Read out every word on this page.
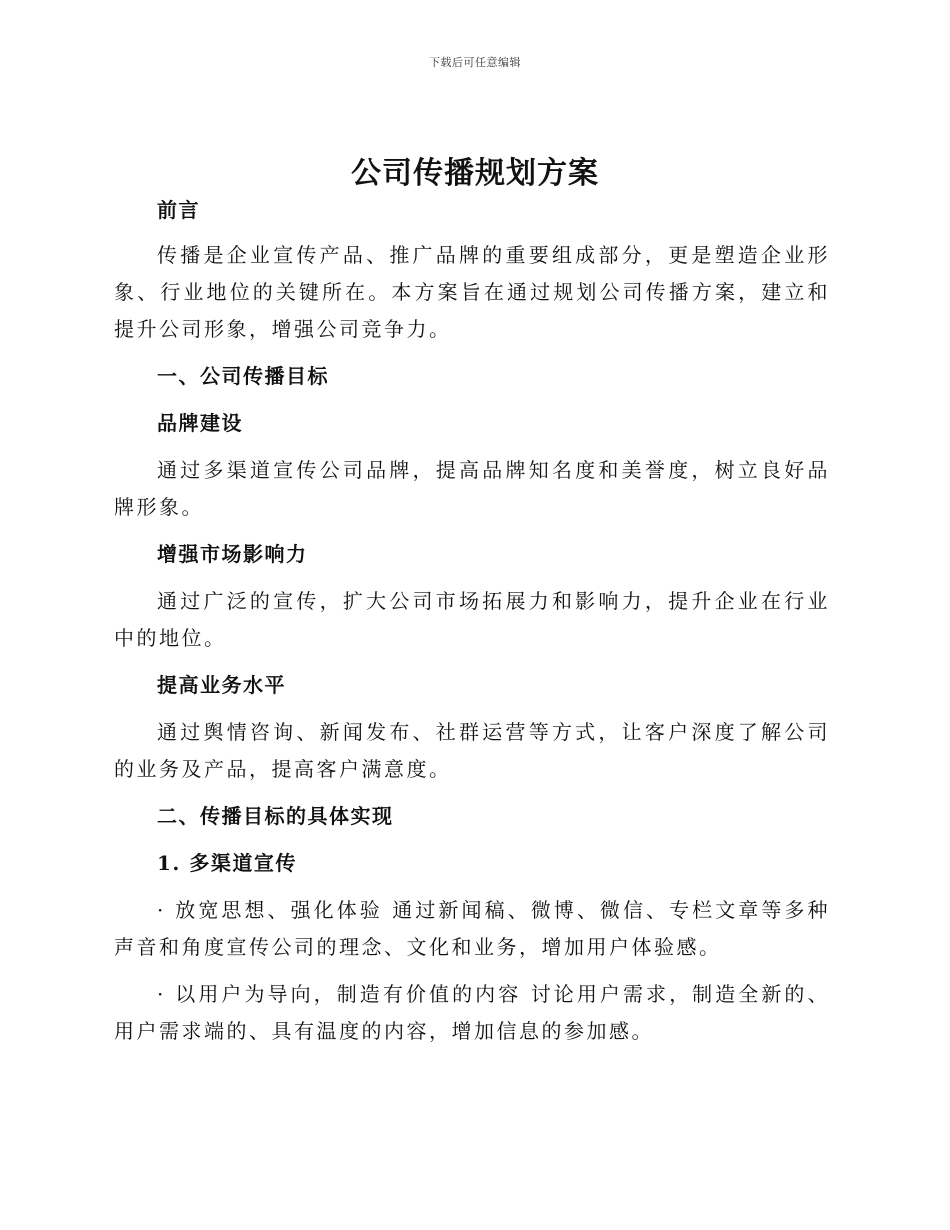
下载后可任意编辑
公司传播规划方案

前言

传播是企业宣传产品、推广品牌的重要组成部分，更是塑造企业形象、行业地位的关键所在。本方案旨在通过规划公司传播方案，建立和提升公司形象，增强公司竞争力。

一、公司传播目标

品牌建设

通过多渠道宣传公司品牌，提高品牌知名度和美誉度，树立良好品牌形象。

增强市场影响力

通过广泛的宣传，扩大公司市场拓展力和影响力，提升企业在行业中的地位。

提高业务水平

通过舆情咨询、新闻发布、社群运营等方式，让客户深度了解公司的业务及产品，提高客户满意度。

二、传播目标的具体实现

1. 多渠道宣传

· 放宽思想、强化体验 通过新闻稿、微博、微信、专栏文章等多种声音和角度宣传公司的理念、文化和业务，增加用户体验感。

· 以用户为导向，制造有价值的内容 讨论用户需求，制造全新的、用户需求端的、具有温度的内容，增加信息的参加感。
